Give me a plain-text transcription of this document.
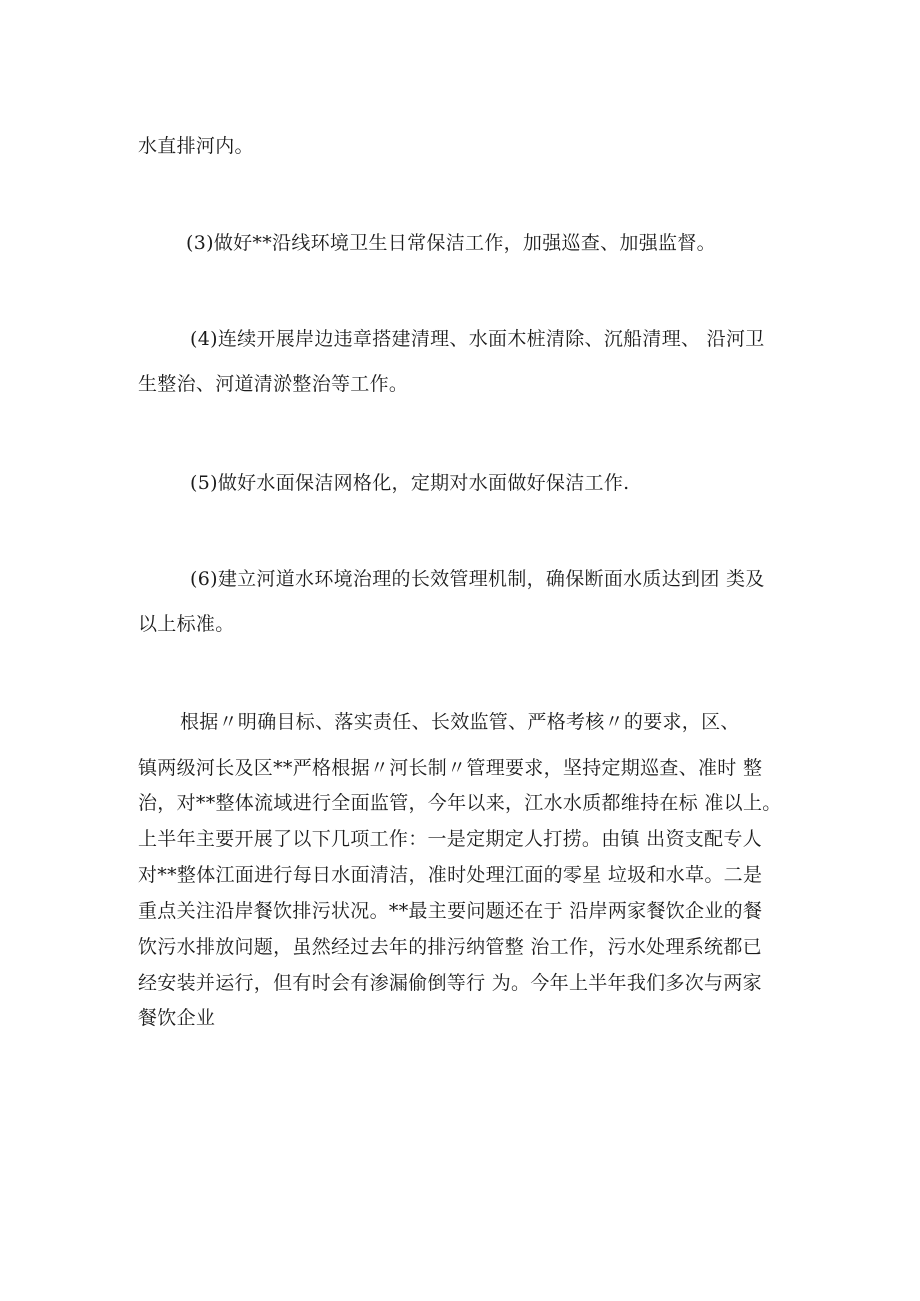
水直排河内。
(3)做好**沿线环境卫生日常保洁工作，加强巡查、加强监督。
(4)连续开展岸边违章搭建清理、水面木桩清除、沉船清理、 沿河卫
生整治、河道清淤整治等工作。
(5)做好水面保洁网格化，定期对水面做好保洁工作.
(6)建立河道水环境治理的长效管理机制，确保断面水质达到团 类及
以上标准。
根据〃明确目标、落实责任、长效监管、严格考核〃的要求，区、
镇两级河长及区**严格根据〃河长制〃管理要求，坚持定期巡查、准时 整
治，对**整体流域进行全面监管，今年以来，江水水质都维持在标 准以上。
上半年主要开展了以下几项工作：一是定期定人打捞。由镇 出资支配专人
对**整体江面进行每日水面清洁，准时处理江面的零星 垃圾和水草。二是
重点关注沿岸餐饮排污状况。**最主要问题还在于 沿岸两家餐饮企业的餐
饮污水排放问题，虽然经过去年的排污纳管整 治工作，污水处理系统都已
经安装并运行，但有时会有渗漏偷倒等行 为。今年上半年我们多次与两家
餐饮企业
